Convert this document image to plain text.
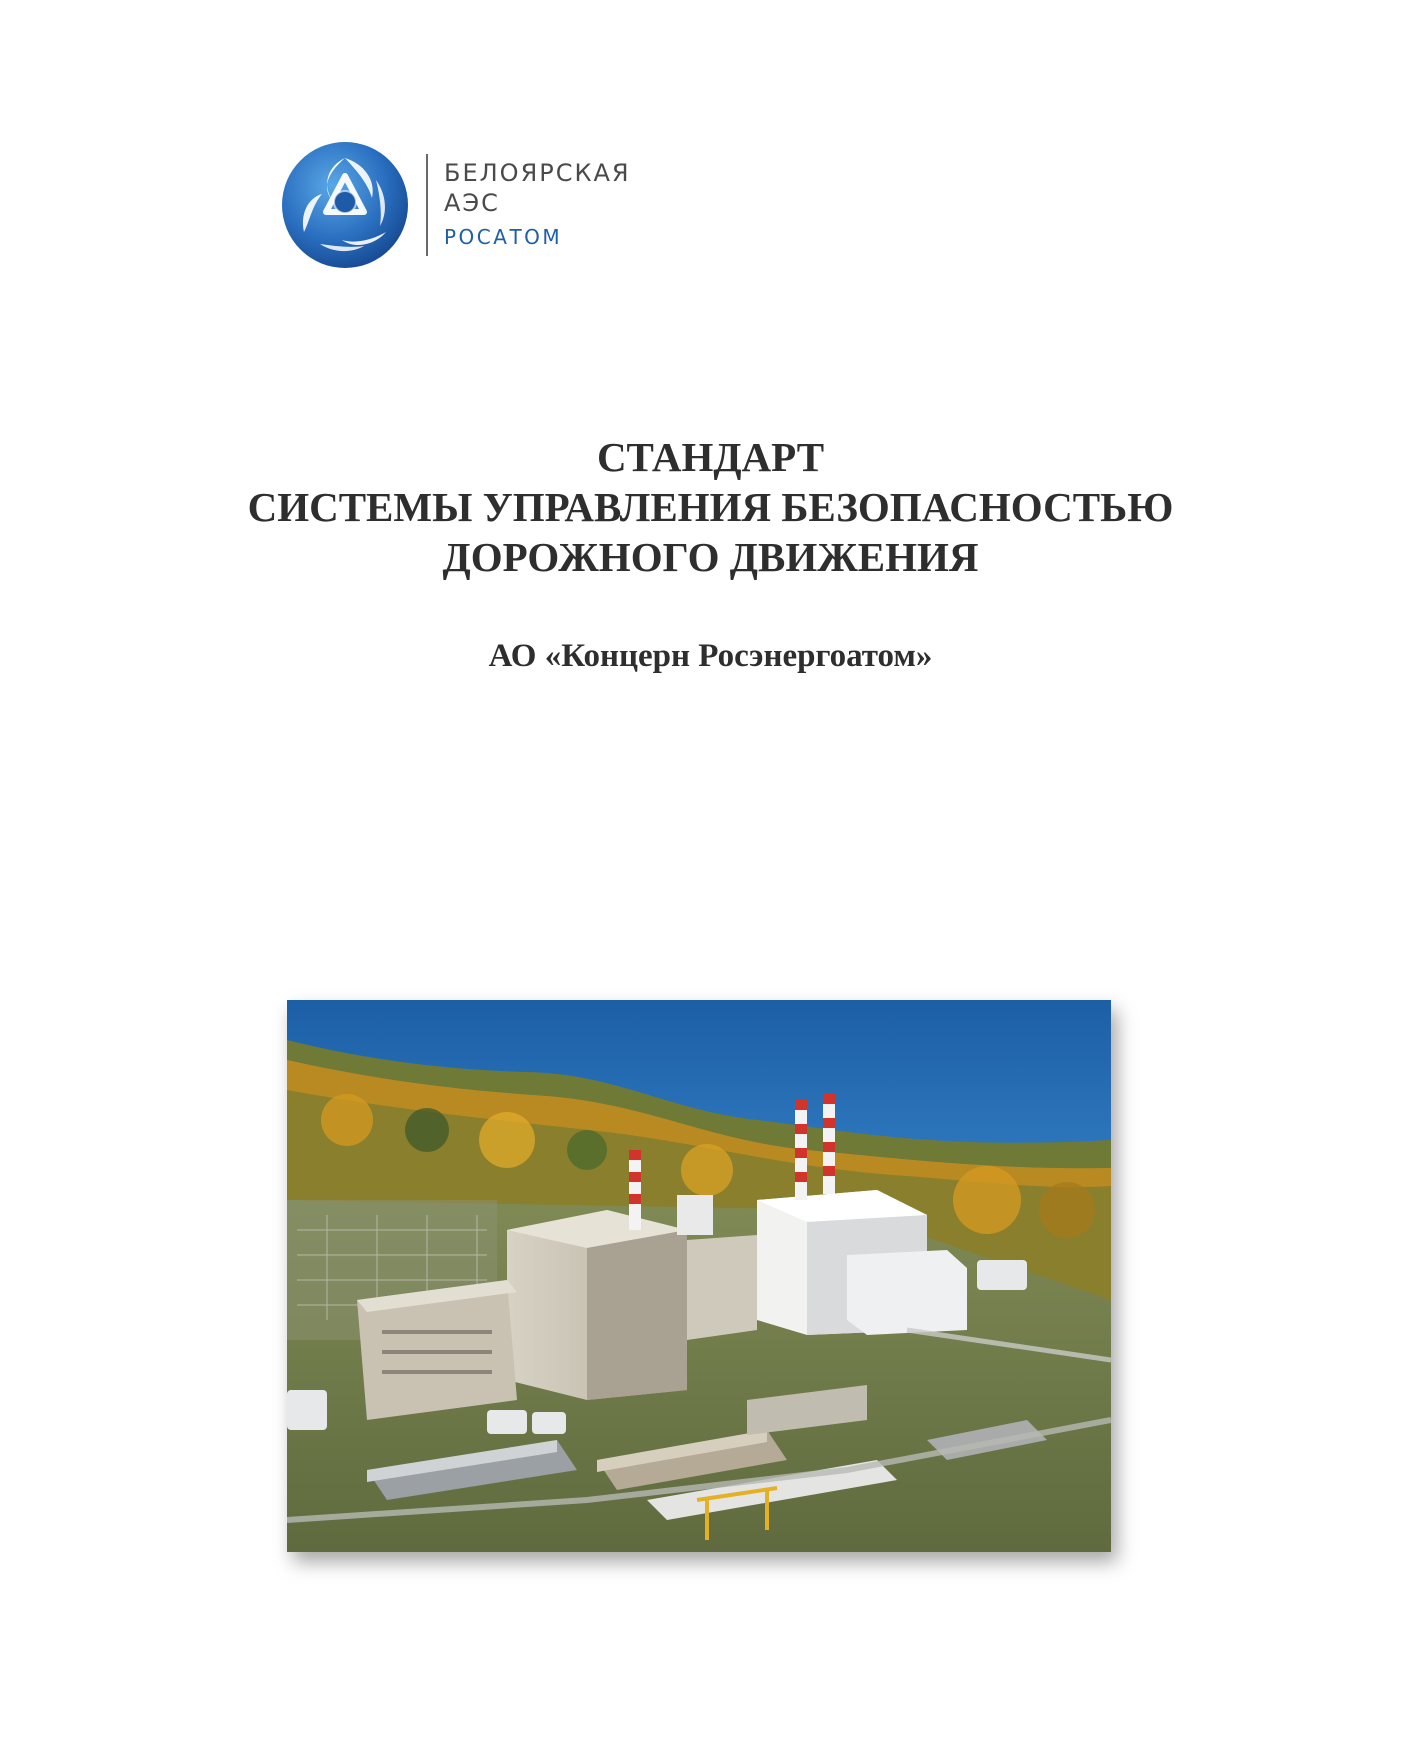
БЕЛОЯРСКАЯ
АЭС
РОСАТОМ
СТАНДАРТ
СИСТЕМЫ УПРАВЛЕНИЯ БЕЗОПАСНОСТЬЮ
ДОРОЖНОГО ДВИЖЕНИЯ
АО «Концерн Росэнергоатом»
